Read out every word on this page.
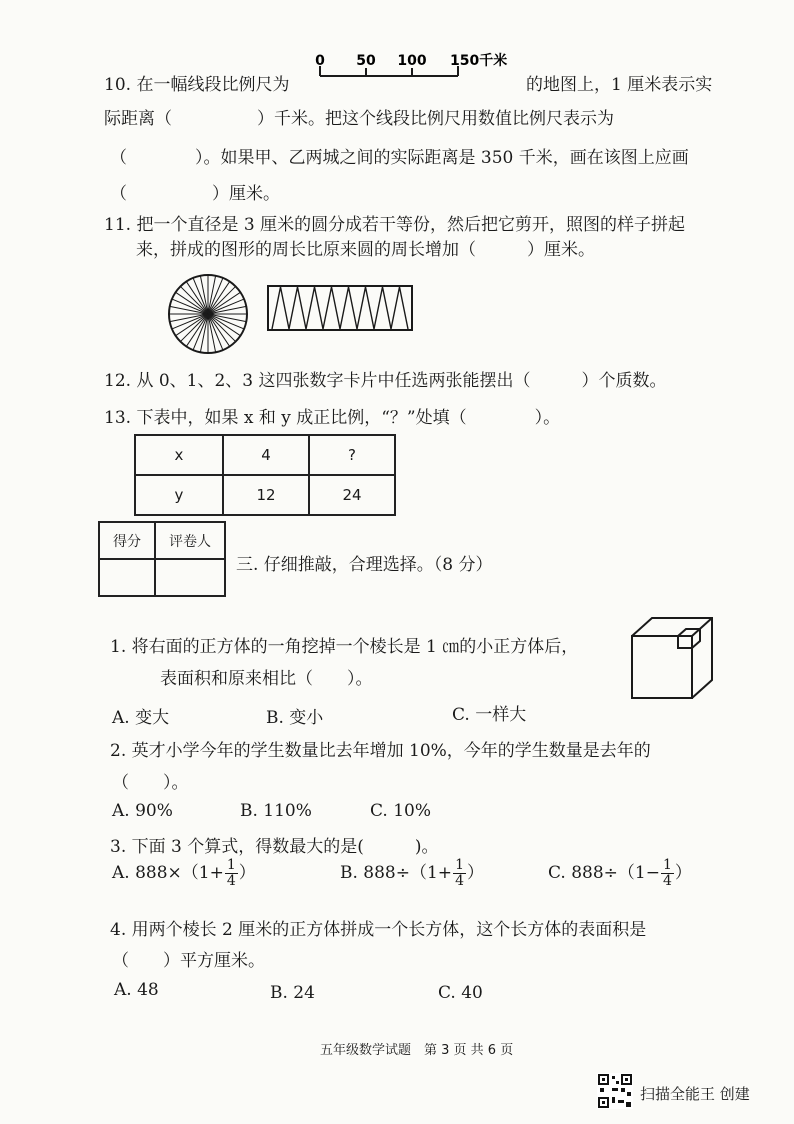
10. 在一幅线段比例尺为
0 50 100 150千米
的地图上，1 厘米表示实
际距离（　　　　　）千米。把这个线段比例尺用数值比例尺表示为
（　　　　）。如果甲、乙两城之间的实际距离是 350 千米，画在该图上应画
（　　　　　）厘米。
11. 把一个直径是 3 厘米的圆分成若干等份，然后把它剪开，照图的样子拼起
来，拼成的图形的周长比原来圆的周长增加（　　　）厘米。
12. 从 0、1、2、3 这四张数字卡片中任选两张能摆出（　　　）个质数。
13. 下表中，如果 x 和 y 成正比例，“？”处填（　　　　）。
x	4	?
y	12	24
得分	评卷人

三. 仔细推敲，合理选择。（8 分）
1. 将右面的正方体的一角挖掉一个棱长是 1 ㎝的小正方体后，
表面积和原来相比（　　）。
A. 变大	B. 变小	C. 一样大
2. 英才小学今年的学生数量比去年增加 10%，今年的学生数量是去年的
（　　）。
A. 90%	B. 110%	C. 10%
3. 下面 3 个算式，得数最大的是(　　　)。
A. $888\times(1+ \frac{1}{4}$ ）	B. $888\div(1+ \frac{1}{4}$ ）	C. $888\div(1- \frac{1}{4}$ ）
4. 用两个棱长 2 厘米的正方体拼成一个长方体，这个长方体的表面积是
（　　）平方厘米。
A. 48	B. 24	C. 40
五年级数学试题　第 3 页 共 6 页
扫描全能王 创建
